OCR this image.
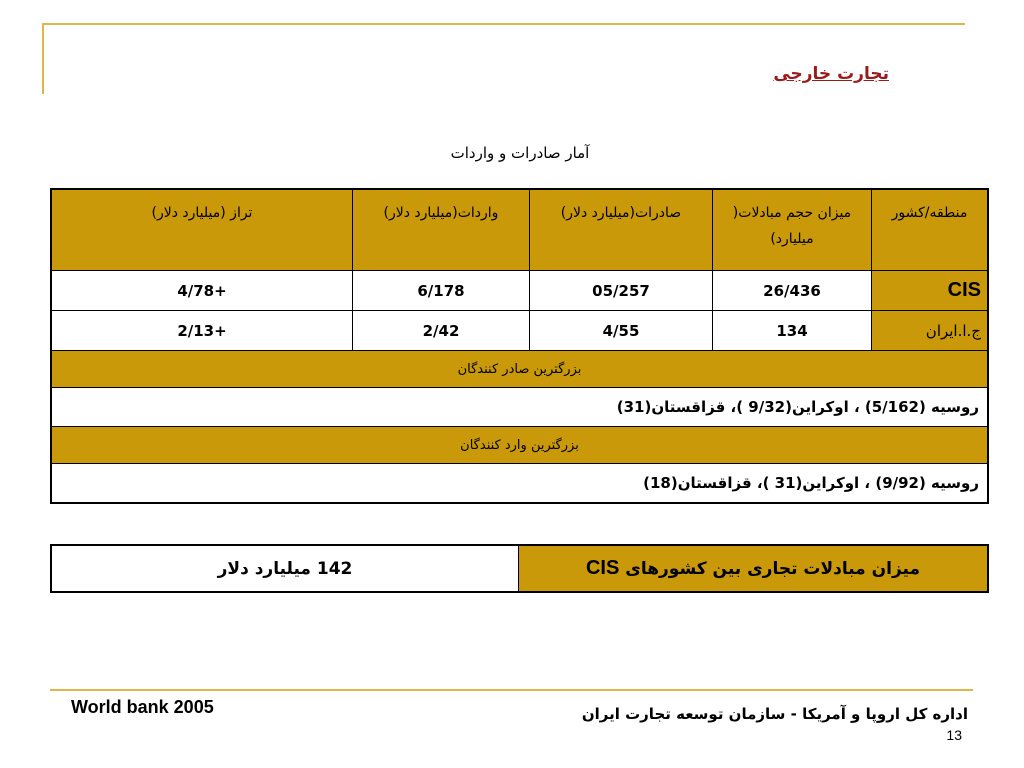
تجارت خارجی
آمار صادرات و واردات
منطقه/کشور	میزان حجم مبادلات( میلیارد)	صادرات(میلیارد دلار)	واردات(میلیارد دلار)	تراز (میلیارد دلار)
CIS	26/436	05/257	6/178	+4/78
ج.ا.ایران	134	4/55	2/42	+2/13
بزرگترین صادر کنندگان				
روسیه (5/162) ، اوکراین(9/32 )، قزاقستان(31)				
بزرگترین وارد کنندگان				
روسیه (9/92) ، اوکراین(31 )، قزاقستان(18)				
میزان مبادلات تجاری بین کشورهای CIS	142 میلیارد دلار
World bank 2005	اداره کل اروپا و آمریکا - سازمان توسعه تجارت ایران
13
